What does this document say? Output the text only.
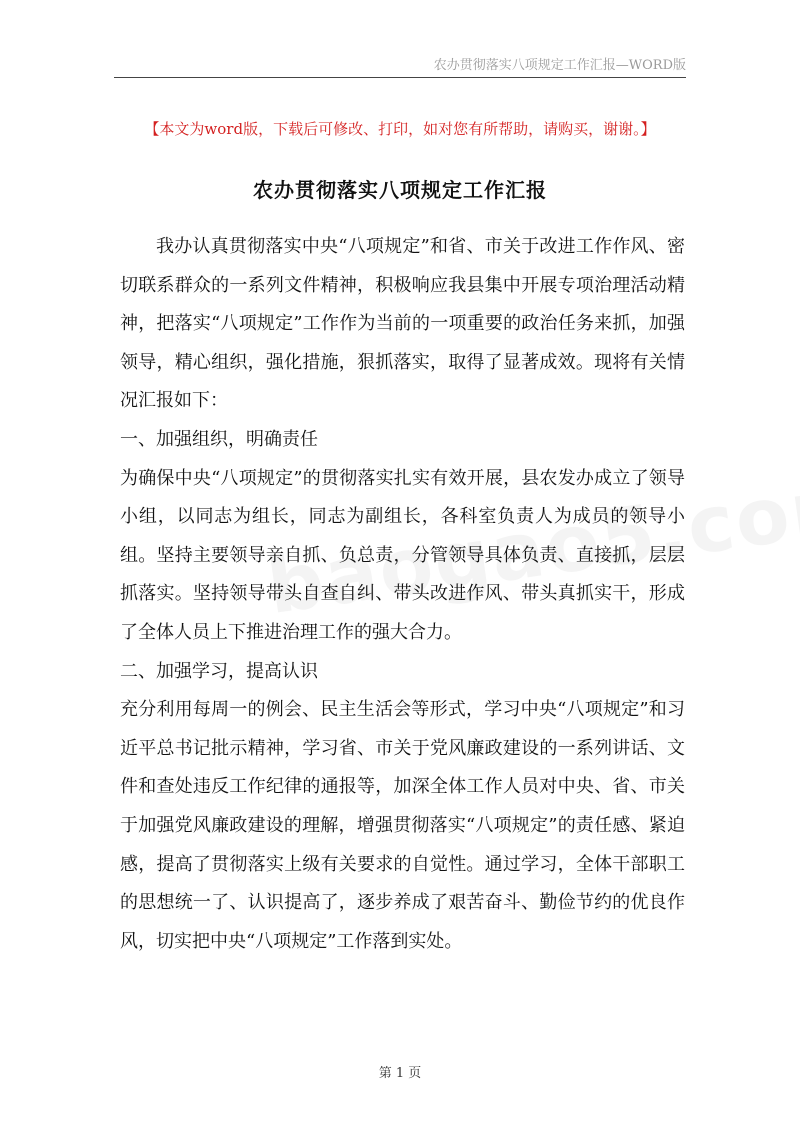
农办贯彻落实八项规定工作汇报—WORD版
【本文为word版，下载后可修改、打印，如对您有所帮助，请购买，谢谢。】
农办贯彻落实八项规定工作汇报

我办认真贯彻落实中央“八项规定”和省、市关于改进工作作风、密切联系群众的一系列文件精神，积极响应我县集中开展专项治理活动精神，把落实“八项规定”工作作为当前的一项重要的政治任务来抓，加强领导，精心组织，强化措施，狠抓落实，取得了显著成效。现将有关情况汇报如下：

一、加强组织，明确责任

为确保中央“八项规定”的贯彻落实扎实有效开展，县农发办成立了领导小组，以同志为组长，同志为副组长，各科室负责人为成员的领导小组。坚持主要领导亲自抓、负总责，分管领导具体负责、直接抓，层层抓落实。坚持领导带头自查自纠、带头改进作风、带头真抓实干，形成了全体人员上下推进治理工作的强大合力。

二、加强学习，提高认识

充分利用每周一的例会、民主生活会等形式，学习中央“八项规定”和习近平总书记批示精神，学习省、市关于党风廉政建设的一系列讲话、文件和查处违反工作纪律的通报等，加深全体工作人员对中央、省、市关于加强党风廉政建设的理解，增强贯彻落实“八项规定”的责任感、紧迫感，提高了贯彻落实上级有关要求的自觉性。通过学习，全体干部职工的思想统一了、认识提高了，逐步养成了艰苦奋斗、勤俭节约的优良作风，切实把中央“八项规定”工作落到实处。

第 1 页
